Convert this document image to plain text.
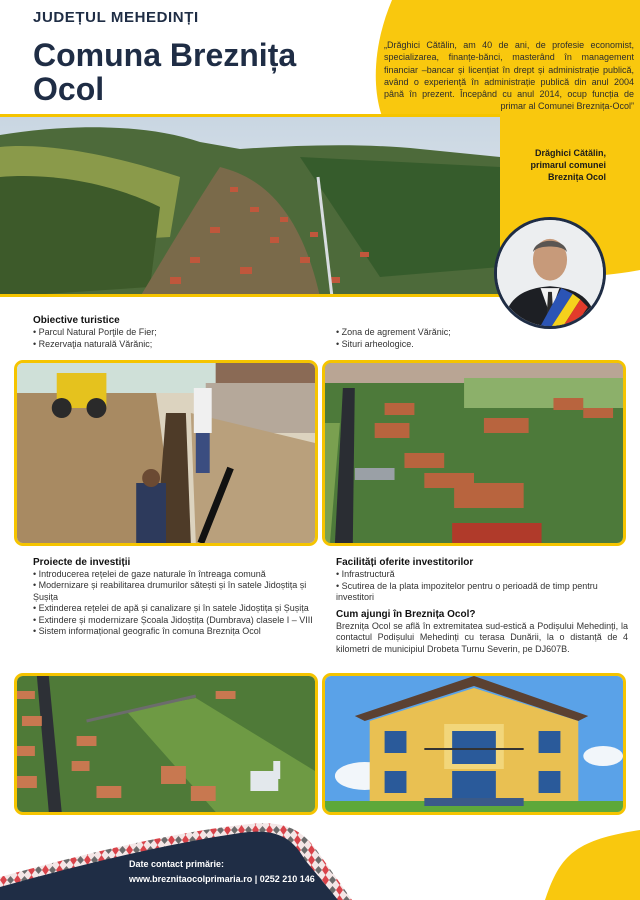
JUDEȚUL MEHEDINȚI
Comuna Breznița Ocol
„Drăghici Cătălin, am 40 de ani, de profesie economist, specializarea, finanțe-bănci, masterând în management financiar –bancar și licențiat în drept și administrație publică, având o experiență în administrație publică din anul 2004 până în prezent. Începând cu anul 2014, ocup funcția de primar al Comunei Breznița-Ocol”
Drăghici Cătălin,
primarul comunei
Breznița Ocol
Obiective turistice
• Parcul Natural Porţile de Fier;
• Rezervaţia naturală Vărănic;
• Zona de agrement Vărănic;
• Situri arheologice.
Proiecte de investiții
• Introducerea rețelei de gaze naturale în întreaga comună
• Modernizare și reabilitarea drumurilor sătești și în satele Jidoștița și Șușița
• Extinderea rețelei de apă și canalizare și în satele Jidoștița și Șușița
• Extindere și modernizare Școala Jidoștița (Dumbrava) clasele I – VIII
• Sistem informațional geografic în comuna Breznița Ocol
Facilități oferite investitorilor
• Infrastructură
• Scutirea de la plata impozitelor pentru o perioadă de timp pentru investitori
Cum ajungi în Breznița Ocol?

Breznița Ocol se află în extremitatea sud-estică a Podișului Mehedinți, la contactul Podișului Mehedinți cu terasa Dunării, la o distanță de 4 kilometri de municipiul Drobeta Turnu Severin, pe DJ607B.

Date contact primărie:
www.breznitaocolprimaria.ro | 0252 210 146
